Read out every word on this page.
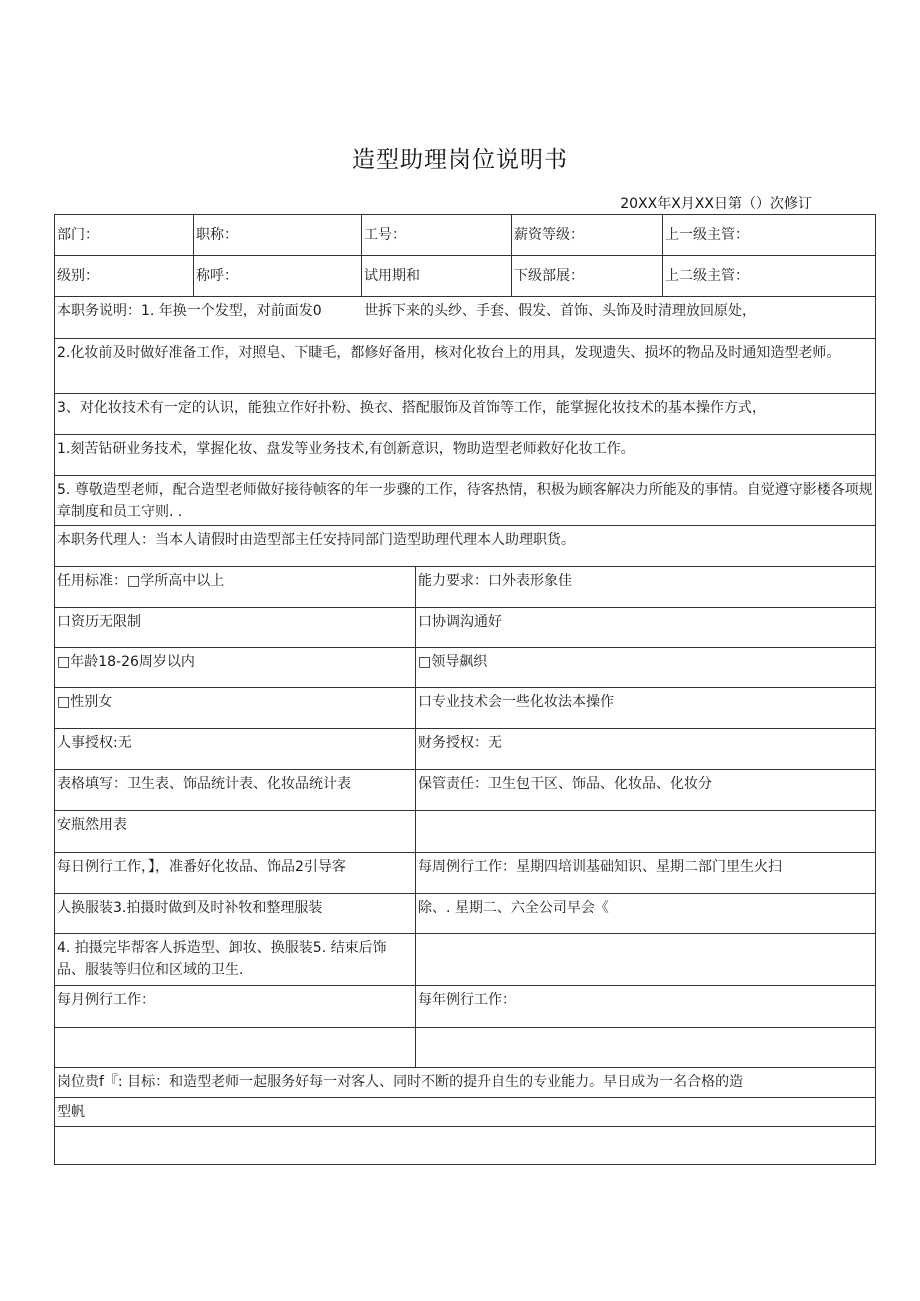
造型助理岗位说明书
20XX年X月XX日第（）次修订
部门：	职称：	工号：	薪资等级：	上一级主管：
级别：	称呼：	试用期和	下级部展：	上二级主管：
本职务说明：1. 年换一个发型，对前面发0	世拆下来的头纱、手套、假发、首饰、头饰及时清理放回原处，
2.化妆前及时做好准备工作，对照皂、下睫毛，都修好备用，核对化妆台上的用具，发现遗失、损坏的物品及时通知造型老师。
3、对化妆技术有一定的认识，能独立作好扑粉、换衣、搭配服饰及首饰等工作，能掌握化妆技术的基本操作方式，
1.刻苦钻研业务技术，掌握化妆、盘发等业务技术,有创新意识，物助造型老师救好化妆工作。
5. 尊敬造型老师，配合造型老师做好接待帧客的年一步骤的工作，待客热情，积极为顾客解决力所能及的事情。自觉遵守影楼各项规章制度和员工守则. .
本职务代理人：当本人请假时由造型部主任安持同部门造型助理代理本人助理职货。
任用标准：□学所高中以上	能力要求：口外表形象佳
口资历无限制	口协调沟通好
□年龄18-26周岁以内	□领导飙织
□性别女	口专业技术会一些化妆法本操作
人事授权:无	财务授权：无
表格填写：卫生表、饰品统计表、化妆品统计表	保管责任：卫生包干区、饰品、化妆品、化妆分
安瓶然用表
每日例行工作，】，准番好化妆品、饰品2引导客	每周例行工作：星期四培训基础知识、星期二部门里生火扫
人换服装3.拍摄时做到及时补牧和整理服装	除、. 星期二、六全公司早会《
4. 拍摄完毕帮客人拆造型、卸妆、换服装5. 结束后饰品、服装等归位和区域的卫生.
每月例行工作：	每年例行工作：
岗位贵f『: 目标：和造型老师一起服务好每一对客人、同时不断的提升自生的专业能力。早日成为一名合格的造
型帆
